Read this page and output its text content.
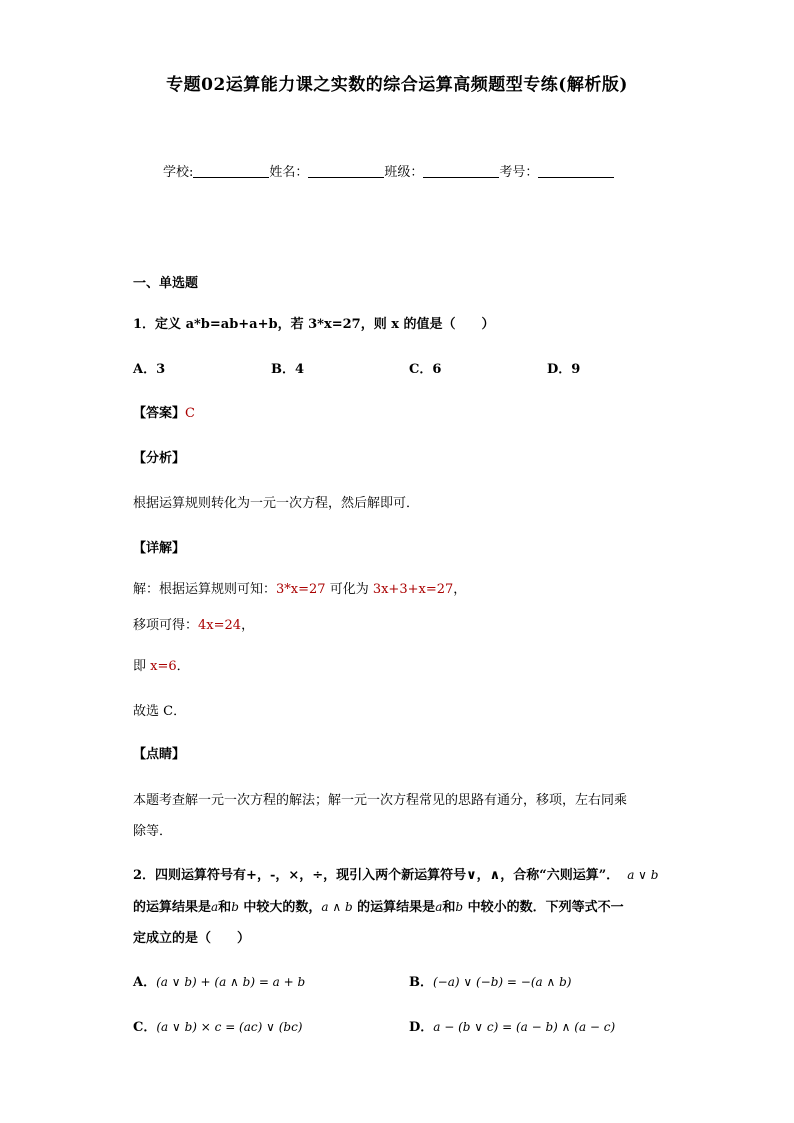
专题02运算能力课之实数的综合运算高频题型专练(解析版)
学校:	姓名：	班级：	考号：
一、单选题
1．定义 a*b=ab+a+b，若 3*x=27，则 x 的值是（　　）
A．3	B．4	C．6	D．9
【答案】C
【分析】
根据运算规则转化为一元一次方程，然后解即可．
【详解】
解：根据运算规则可知：3*x=27 可化为 3x+3+x=27，
移项可得：4x=24，
即 x=6．
故选 C．
【点睛】
本题考查解一元一次方程的解法；解一元一次方程常见的思路有通分，移项，左右同乘
除等．
2．四则运算符号有+，-，×，÷，现引入两个新运算符号∨，∧，合称“六则运算”． a ∨ b
的运算结果是a和b 中较大的数，a ∧ b 的运算结果是a和b 中较小的数．下列等式不一
定成立的是（　　）
A．(a ∨ b) + (a ∧ b) = a + b	B．(−a) ∨ (−b) = −(a ∧ b)
C．(a ∨ b) × c = (ac) ∨ (bc)	D．a − (b ∨ c) = (a − b) ∧ (a − c)
